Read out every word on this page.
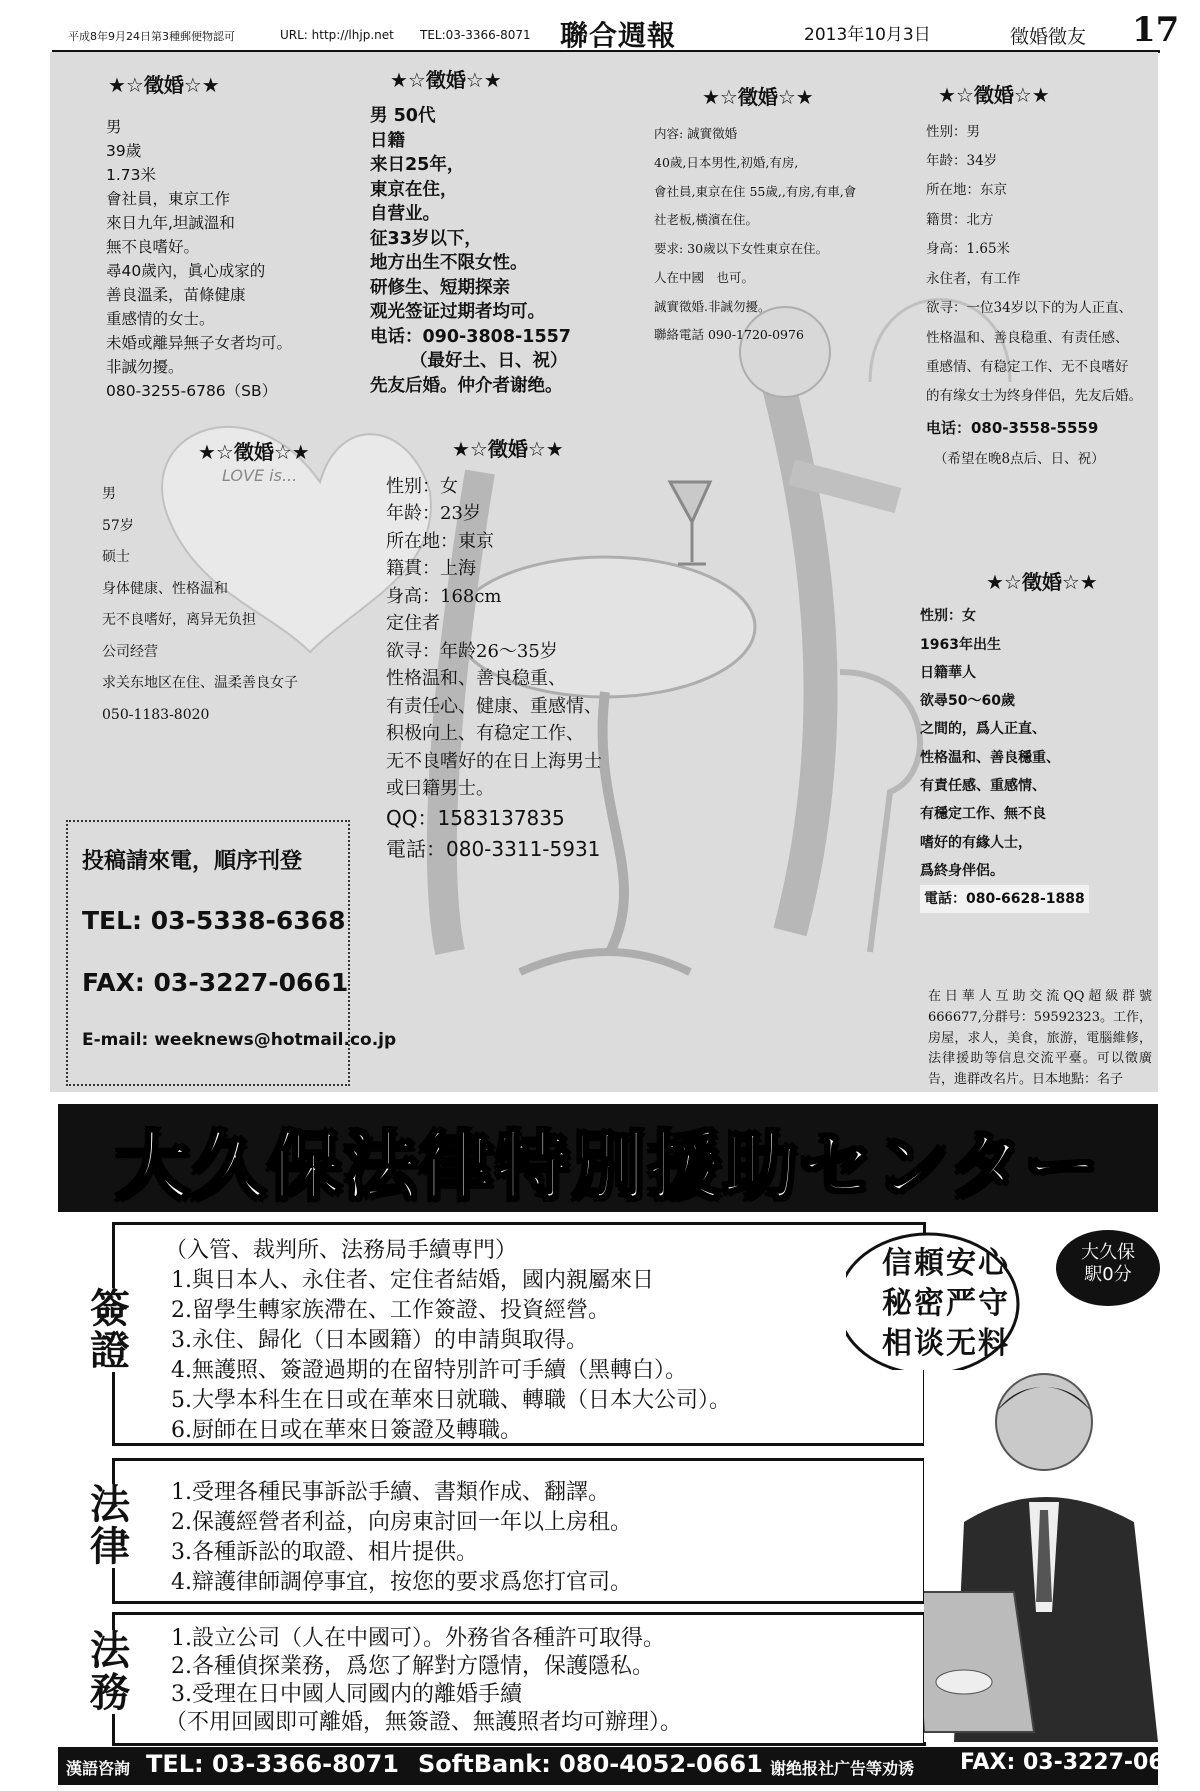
平成8年9月24日第3種郵便物認可	URL: http://lhjp.net TEL:03-3366-8071 聯合週報	2013年10月3日	徵婚徵友 17
LOVE is...
★☆徵婚☆★
男
39歲
1.73米
會社員，東京工作
來日九年,坦誠溫和
無不良嗜好。
尋40歲內，眞心成家的
善良溫柔，苗條健康
重感情的女士。
未婚或離异無子女者均可。
非誠勿擾。
080-3255-6786（SB）
★☆徵婚☆★
男 50代
日籍
来日25年，
東京在住，
自营业。
征33岁以下，
地方出生不限女性。
研修生、短期探亲
观光签证过期者均可。
电话：090-3808-1557
（最好土、日、祝）
先友后婚。仲介者谢绝。
★☆徵婚☆★
内容: 誠實徵婚
40歲,日本男性,初婚,有房,
會社員,東京在住 55歲,,有房,有車,會
社老板,橫濱在住。
要求: 30歲以下女性東京在住。
人在中國　也可。
誠實徵婚.非誠勿擾。
聯絡電話 090-1720-0976
★☆徵婚☆★
性别：男
年龄：34岁
所在地：东京
籍贯：北方
身高：1.65米
永住者，有工作
欲寻：一位34岁以下的为人正直、
性格温和、善良稳重、有责任感、
重感情、有稳定工作、无不良嗜好
的有缘女士为终身伴侣，先友后婚。
电话：080-3558-5559
（希望在晚8点后、日、祝）
★☆徵婚☆★
男
57岁
硕士
身体健康、性格温和
无不良嗜好，离异无负担
公司经营
求关东地区在住、温柔善良女子
050-1183-8020
★☆徵婚☆★
性别：女
年龄：23岁
所在地：東京
籍貫：上海
身高：168cm
定住者
欲寻：年龄26～35岁
性格温和、善良稳重、
有责任心、健康、重感情、
积极向上、有稳定工作、
无不良嗜好的在日上海男士
或曰籍男士。
QQ：1583137835
電話：080-3311-5931
★☆徵婚☆★
性別：女
1963年出生
日籍華人
欲尋50～60歲
之間的，爲人正直、
性格温和、善良穩重、
有責任感、重感情、
有穩定工作、無不良
嗜好的有緣人士，
爲終身伴侶。
電話：080-6628-1888
投稿請來電，順序刊登
TEL: 03-5338-6368
FAX: 03-3227-0661
E-mail: weeknews@hotmail.co.jp
在日華人互助交流QQ超級群號666677,分群号：59592323。工作，房屋，求人，美食，旅游，電腦維修，法律援助等信息交流平臺。可以徵廣告，進群改名片。日本地點：名子
大久保法律特別援助センター
（入管、裁判所、法務局手續専門）
1.與日本人、永住者、定住者結婚，國内親屬來日
2.留學生轉家族滯在、工作簽證、投資經營。
3.永住、歸化（日本國籍）的申請與取得。
4.無護照、簽證過期的在留特別許可手續（黑轉白）。
5.大學本科生在日或在華來日就職、轉職（日本大公司）。
6.厨師在日或在華來日簽證及轉職。
簽
證
1.受理各種民事訴訟手續、書類作成、翻譯。
2.保護經營者利益，向房東討回一年以上房租。
3.各種訴訟的取證、相片提供。
4.辯護律師調停事宜，按您的要求爲您打官司。
法
律
1.設立公司（人在中國可）。外務省各種許可取得。
2.各種偵探業務，爲您了解對方隱情，保護隱私。
3.受理在日中國人同國内的離婚手續
（不用回國即可離婚，無簽證、無護照者均可辦理）。
法
務
信頼安心
秘密严守
相谈无料
大久保
駅0分
漢語咨詢 TEL: 03-3366-8071 SoftBank: 080-4052-0661 谢绝报社广告等劝诱 FAX: 03-3227-0661
